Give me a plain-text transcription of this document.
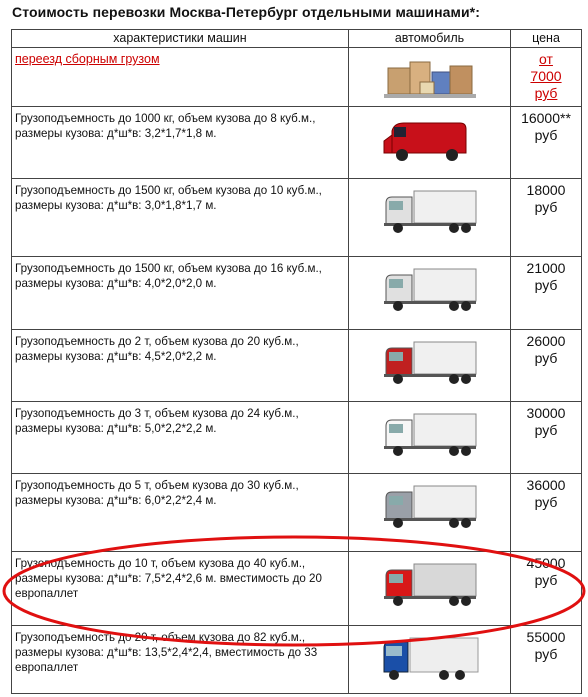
Стоимость перевозки Москва-Петербург отдельными машинами*:
характеристики машин	автомобиль	цена
переезд сборным грузом		от 7000 руб

Грузоподъемность до 1000 кг, объем кузова до 8 куб.м., размеры кузова: д*ш*в: 3,2*1,7*1,8 м.		16000** руб

Грузоподъемность до 1500 кг, объем кузова до 10 куб.м., размеры кузова: д*ш*в: 3,0*1,8*1,7 м.		18000 руб

Грузоподъемность до 1500 кг, объем кузова до 16 куб.м., размеры кузова: д*ш*в: 4,0*2,0*2,0 м.		21000 руб

Грузоподъемность до 2 т, объем кузова до 20 куб.м., размеры кузова: д*ш*в: 4,5*2,0*2,2 м.		26000 руб

Грузоподъемность до 3 т, объем кузова до 24 куб.м., размеры кузова: д*ш*в: 5,0*2,2*2,2 м.		30000 руб

Грузоподъемность до 5 т, объем кузова до 30 куб.м., размеры кузова: д*ш*в: 6,0*2,2*2,4 м.		36000 руб

Грузоподъемность до 10 т, объем кузова до 40 куб.м., размеры кузова: д*ш*в: 7,5*2,4*2,6 м. вместимость до 20 европаллет		45000 руб

Грузоподъемность до 20 т, объем кузова до 82 куб.м., размеры кузова: д*ш*в: 13,5*2,4*2,4, вместимость до 33 европаллет		55000 руб
